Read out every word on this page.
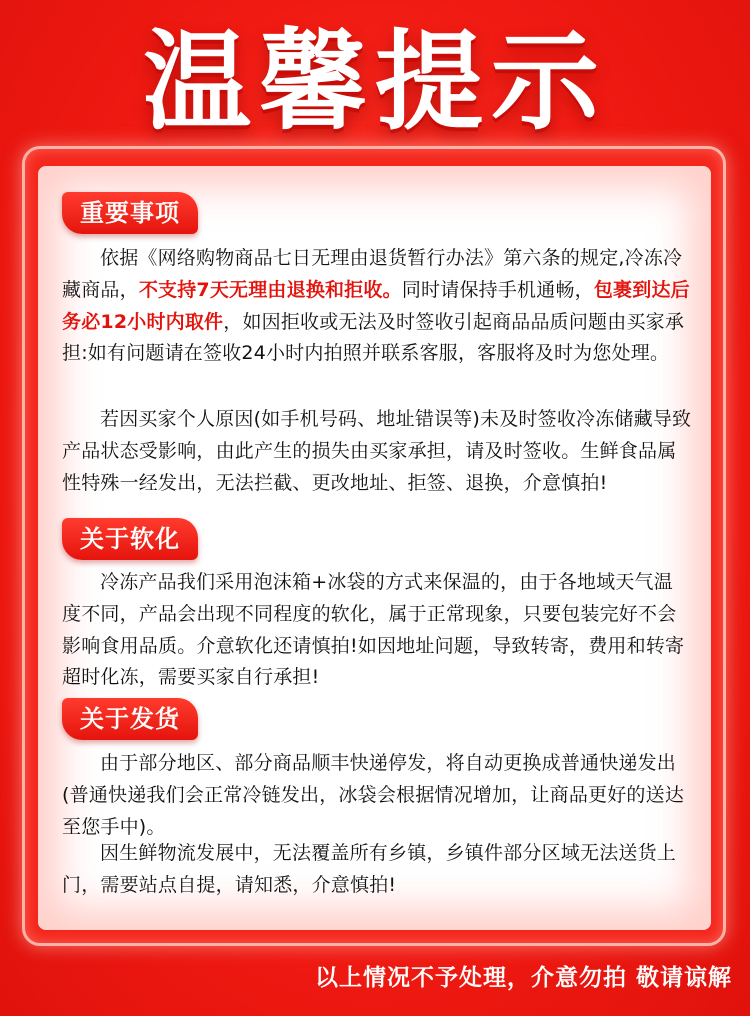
温馨提示
重要事项

依据《网络购物商品七日无理由退货暂行办法》第六条的规定,冷冻冷藏商品，不支持7天无理由退换和拒收。同时请保持手机通畅，包裹到达后务必12小时内取件，如因拒收或无法及时签收引起商品品质问题由买家承担:如有问题请在签收24小时内拍照并联系客服，客服将及时为您处理。

若因买家个人原因(如手机号码、地址错误等)未及时签收冷冻储藏导致产品状态受影响，由此产生的损失由买家承担，请及时签收。生鲜食品属性特殊一经发出，无法拦截、更改地址、拒签、退换，介意慎拍!

关于软化

冷冻产品我们采用泡沫箱+冰袋的方式来保温的，由于各地域天气温度不同，产品会出现不同程度的软化，属于正常现象，只要包装完好不会影响食用品质。介意软化还请慎拍!如因地址问题，导致转寄，费用和转寄超时化冻，需要买家自行承担!

关于发货

由于部分地区、部分商品顺丰快递停发，将自动更换成普通快递发出(普通快递我们会正常冷链发出，冰袋会根据情况增加，让商品更好的送达至您手中)。

因生鲜物流发展中，无法覆盖所有乡镇，乡镇件部分区域无法送货上门，需要站点自提，请知悉，介意慎拍!

以上情况不予处理，介意勿拍 敬请谅解
